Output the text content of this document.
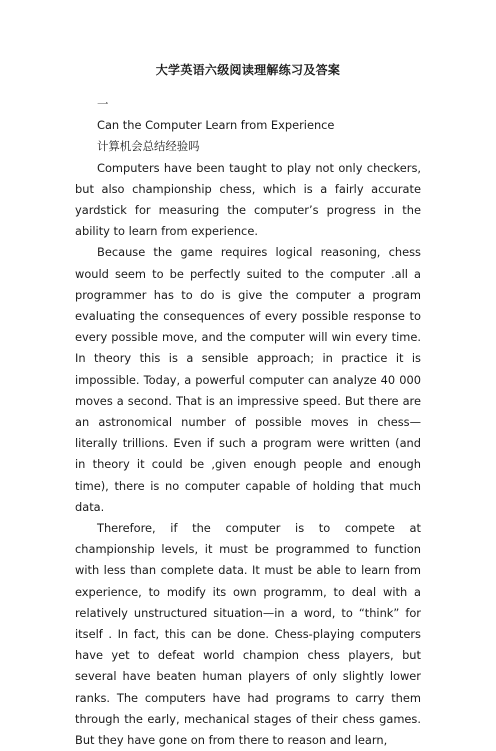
大学英语六级阅读理解练习及答案
一
Can the Computer Learn from Experience
计算机会总结经验吗

Computers have been taught to play not only checkers, but also championship chess, which is a fairly accurate yardstick for measuring the computer’s progress in the ability to learn from experience.

Because the game requires logical reasoning, chess would seem to be perfectly suited to the computer .all a programmer has to do is give the computer a program evaluating the consequences of every possible response to every possible move, and the computer will win every time. In theory this is a sensible approach; in practice it is impossible. Today, a powerful computer can analyze 40 000 moves a second. That is an impressive speed. But there are an astronomical number of possible moves in chess—literally trillions. Even if such a program were written (and in theory it could be ,given enough people and enough time), there is no computer capable of holding that much data.

Therefore, if the computer is to compete at championship levels, it must be programmed to function with less than complete data. It must be able to learn from experience, to modify its own programm, to deal with a relatively unstructured situation—in a word, to “think” for itself . In fact, this can be done. Chess-playing computers have yet to defeat world champion chess players, but several have beaten human players of only slightly lower ranks. The computers have had programs to carry them through the early, mechanical stages of their chess games. But they have gone on from there to reason and learn,
